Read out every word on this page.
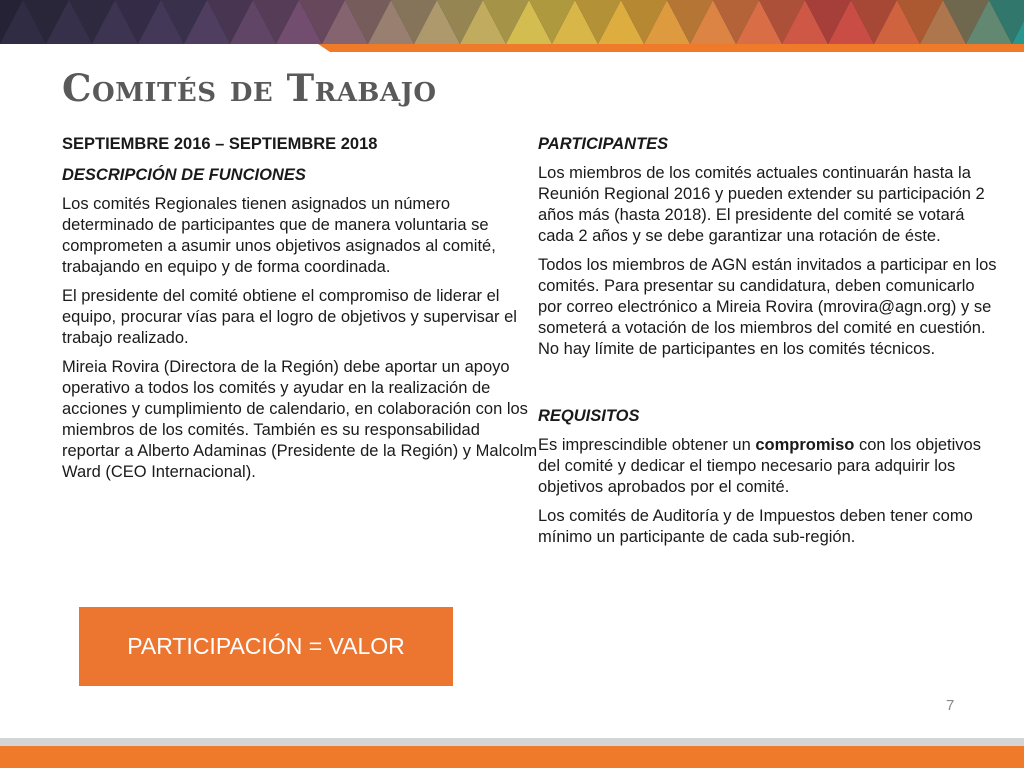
Comités de Trabajo

SEPTIEMBRE 2016 – SEPTIEMBRE 2018

DESCRIPCIÓN DE FUNCIONES

Los comités Regionales tienen asignados un número determinado de participantes que de manera voluntaria se comprometen a asumir unos objetivos asignados al comité, trabajando en equipo y de forma coordinada.

El presidente del comité obtiene el compromiso de liderar el equipo, procurar vías para el logro de objetivos y supervisar el trabajo realizado.

Mireia Rovira (Directora de la Región) debe aportar un apoyo operativo a todos los comités y ayudar en la realización de acciones y cumplimiento de calendario, en colaboración con los miembros de los comités. También es su responsabilidad reportar a Alberto Adaminas (Presidente de la Región) y Malcolm Ward (CEO Internacional).

PARTICIPANTES

Los miembros de los comités actuales continuarán hasta la Reunión Regional 2016 y pueden extender su participación 2 años más (hasta 2018). El presidente del comité se votará cada 2 años y se debe garantizar una rotación de éste.

Todos los miembros de AGN están invitados a participar en los comités. Para presentar su candidatura, deben comunicarlo por correo electrónico a Mireia Rovira (mrovira@agn.org) y se someterá a votación de los miembros del comité en cuestión. No hay límite de participantes en los comités técnicos.

REQUISITOS

Es imprescindible obtener un compromiso con los objetivos del comité y dedicar el tiempo necesario para adquirir los objetivos aprobados por el comité.

Los comités de Auditoría y de Impuestos deben tener como mínimo un participante de cada sub-región.

PARTICIPACIÓN = VALOR
7
